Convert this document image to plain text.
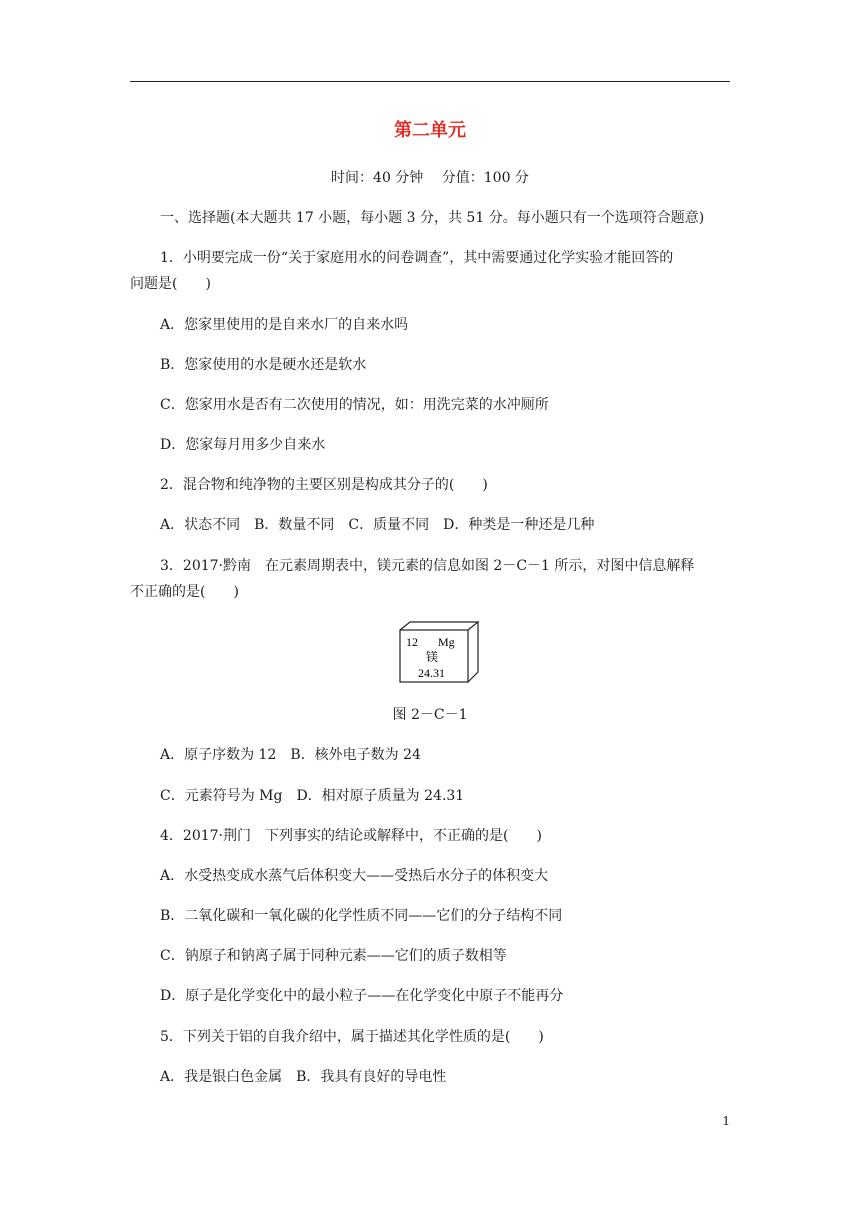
第二单元
时间：40 分钟　 分值：100 分
一、选择题(本大题共 17 小题，每小题 3 分，共 51 分。每小题只有一个选项符合题意)
1．小明要完成一份“关于家庭用水的问卷调查”，其中需要通过化学实验才能回答的
问题是(　　)
A．您家里使用的是自来水厂的自来水吗
B．您家使用的水是硬水还是软水
C．您家用水是否有二次使用的情况，如：用洗完菜的水冲厕所
D．您家每月用多少自来水
2．混合物和纯净物的主要区别是构成其分子的(　　)
A．状态不同　B．数量不同　C．质量不同　D．种类是一种还是几种
3．2017·黔南　在元素周期表中，镁元素的信息如图 2－C－1 所示，对图中信息解释
不正确的是(　　)
12 Mg
镁
24.31
图 2－C－1
A．原子序数为 12　B．核外电子数为 24
C．元素符号为 Mg　D．相对原子质量为 24.31
4．2017·荆门　下列事实的结论或解释中，不正确的是(　　)
A．水受热变成水蒸气后体积变大——受热后水分子的体积变大
B．二氧化碳和一氧化碳的化学性质不同——它们的分子结构不同
C．钠原子和钠离子属于同种元素——它们的质子数相等
D．原子是化学变化中的最小粒子——在化学变化中原子不能再分
5．下列关于铝的自我介绍中，属于描述其化学性质的是(　　)
A．我是银白色金属　B．我具有良好的导电性
1
